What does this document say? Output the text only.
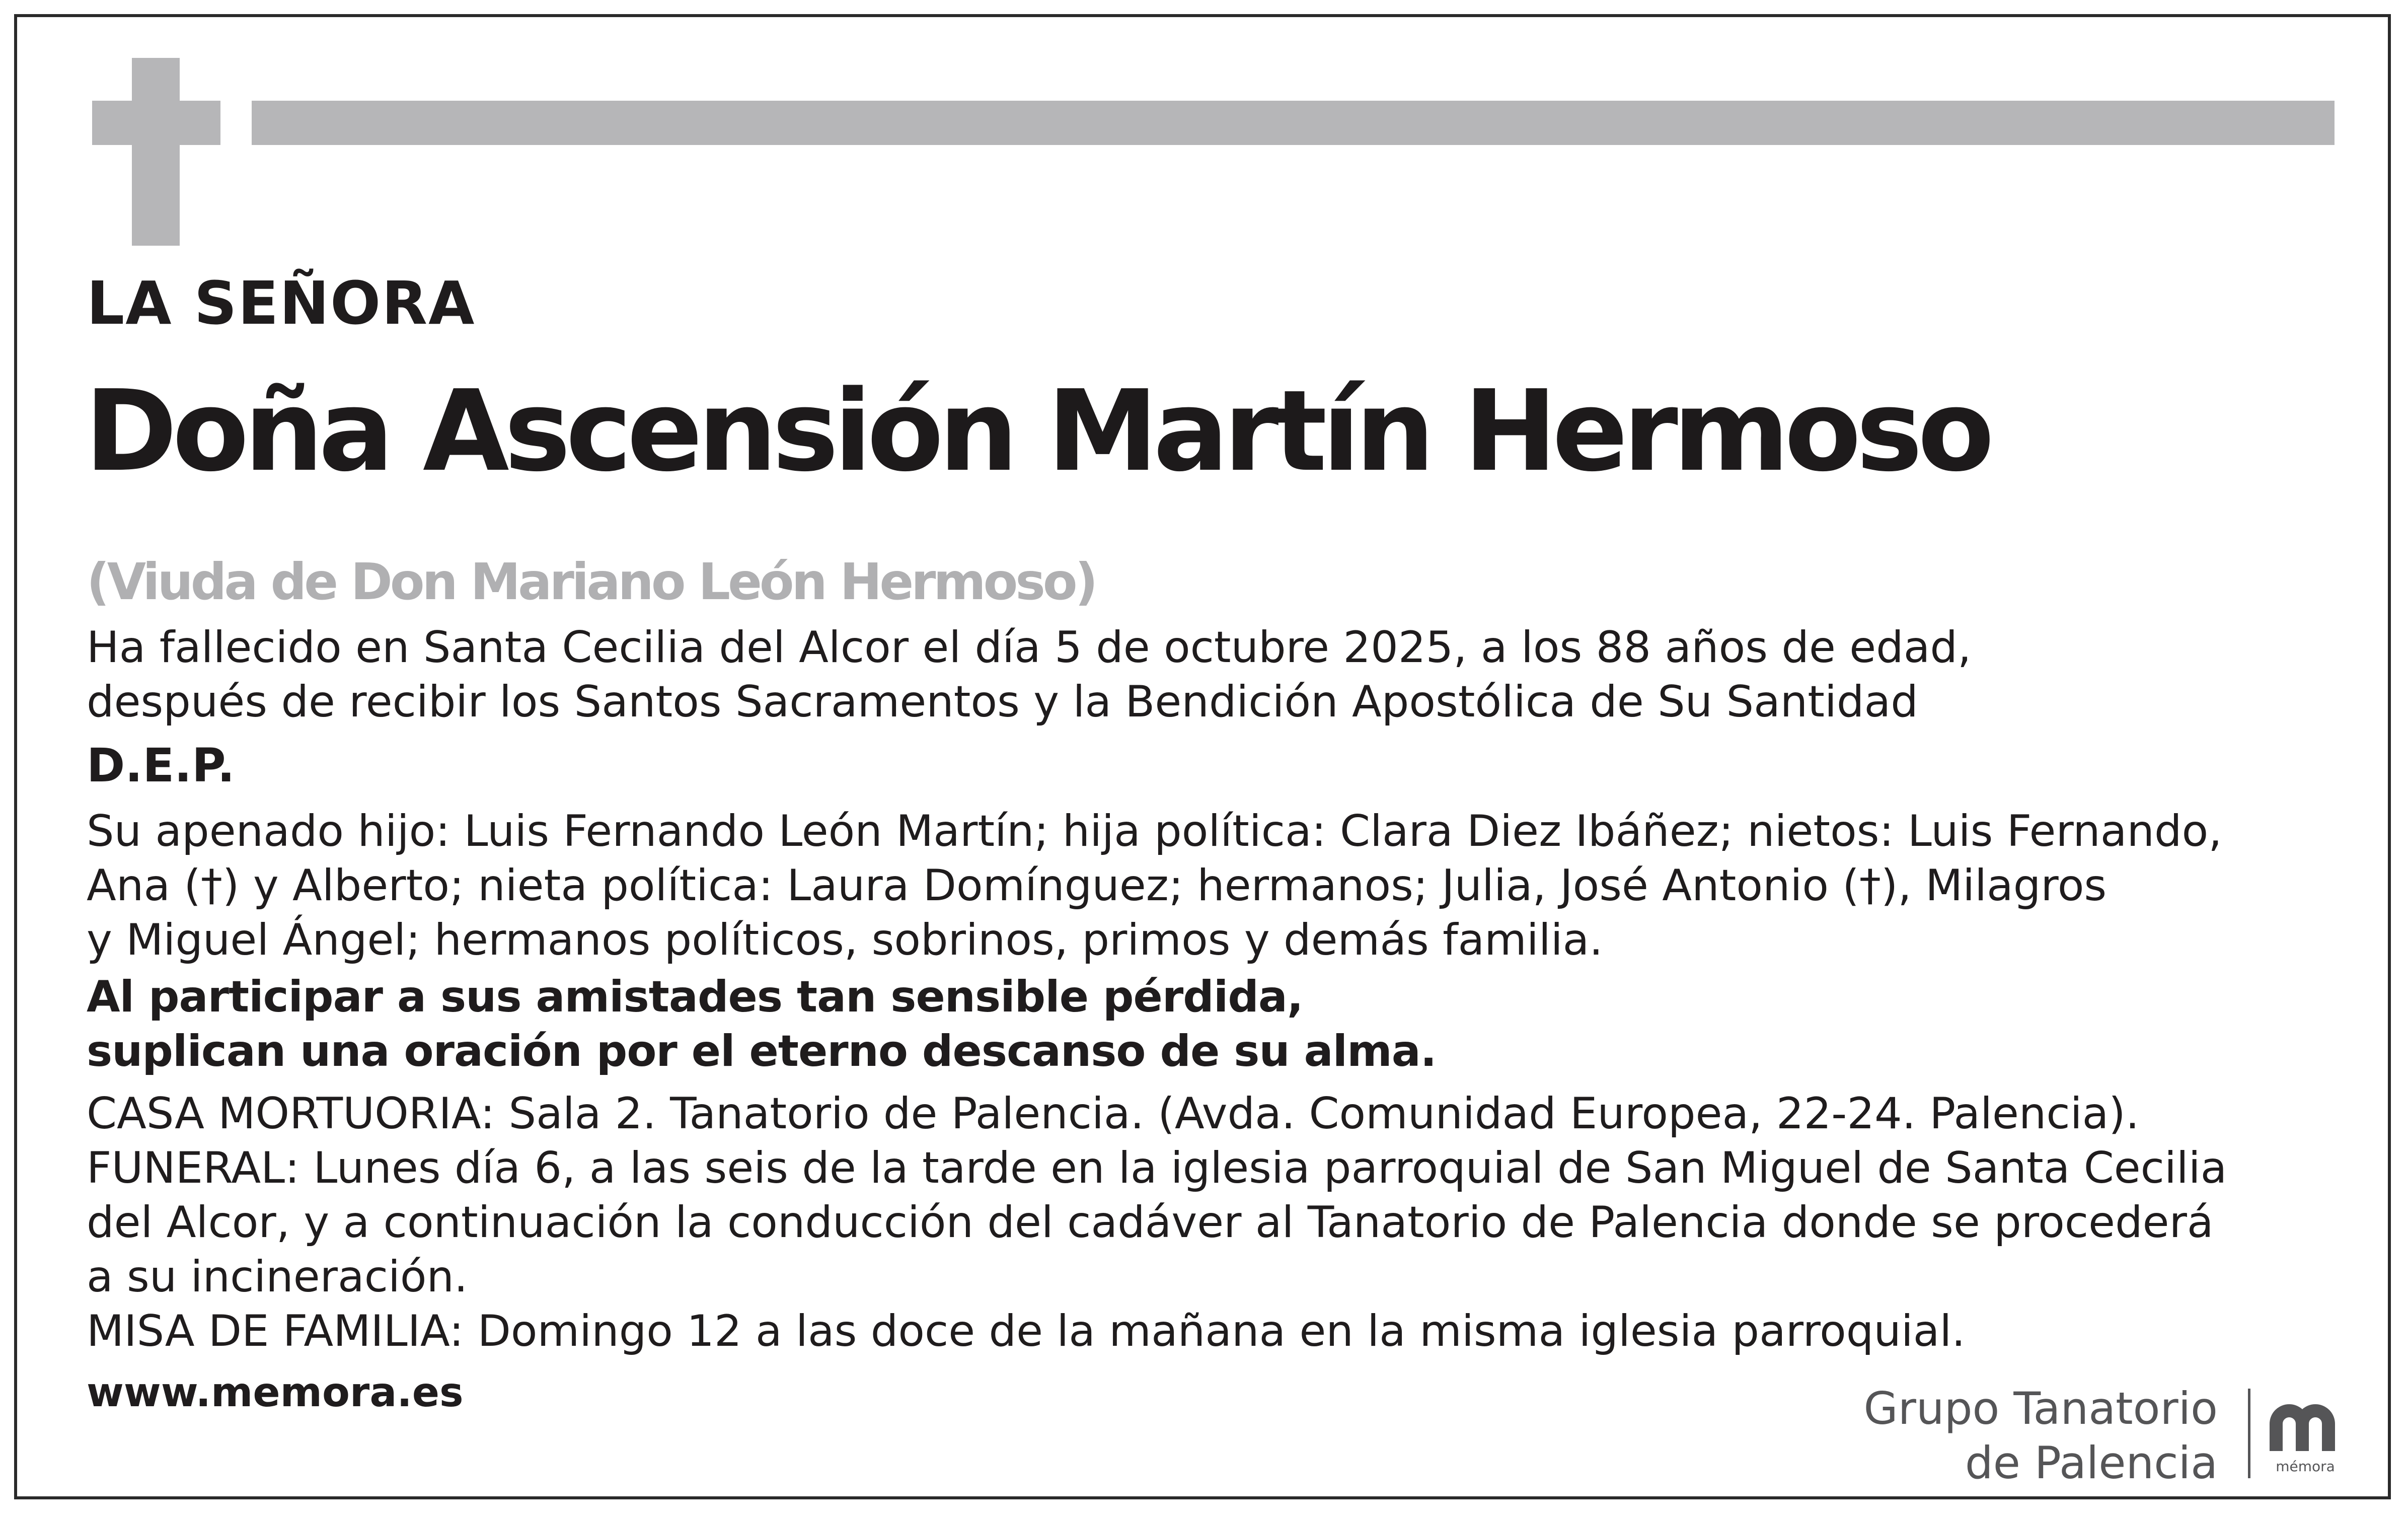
LA SEÑORA
Doña Ascensión Martín Hermoso
(Viuda de Don Mariano León Hermoso)
Ha fallecido en Santa Cecilia del Alcor el día 5 de octubre 2025, a los 88 años de edad,
después de recibir los Santos Sacramentos y la Bendición Apostólica de Su Santidad
D.E.P.
Su apenado hijo: Luis Fernando León Martín; hija política: Clara Diez Ibáñez; nietos: Luis Fernando,
Ana (†) y Alberto; nieta política: Laura Domínguez; hermanos; Julia, José Antonio (†), Milagros
y Miguel Ángel; hermanos políticos, sobrinos, primos y demás familia.
Al participar a sus amistades tan sensible pérdida,
suplican una oración por el eterno descanso de su alma.
CASA MORTUORIA: Sala 2. Tanatorio de Palencia. (Avda. Comunidad Europea, 22-24. Palencia).
FUNERAL: Lunes día 6, a las seis de la tarde en la iglesia parroquial de San Miguel de Santa Cecilia
del Alcor, y a continuación la conducción del cadáver al Tanatorio de Palencia donde se procederá
a su incineración.
MISA DE FAMILIA: Domingo 12 a las doce de la mañana en la misma iglesia parroquial.
www.memora.es	Grupo Tanatorio
de Palencia	mémora
